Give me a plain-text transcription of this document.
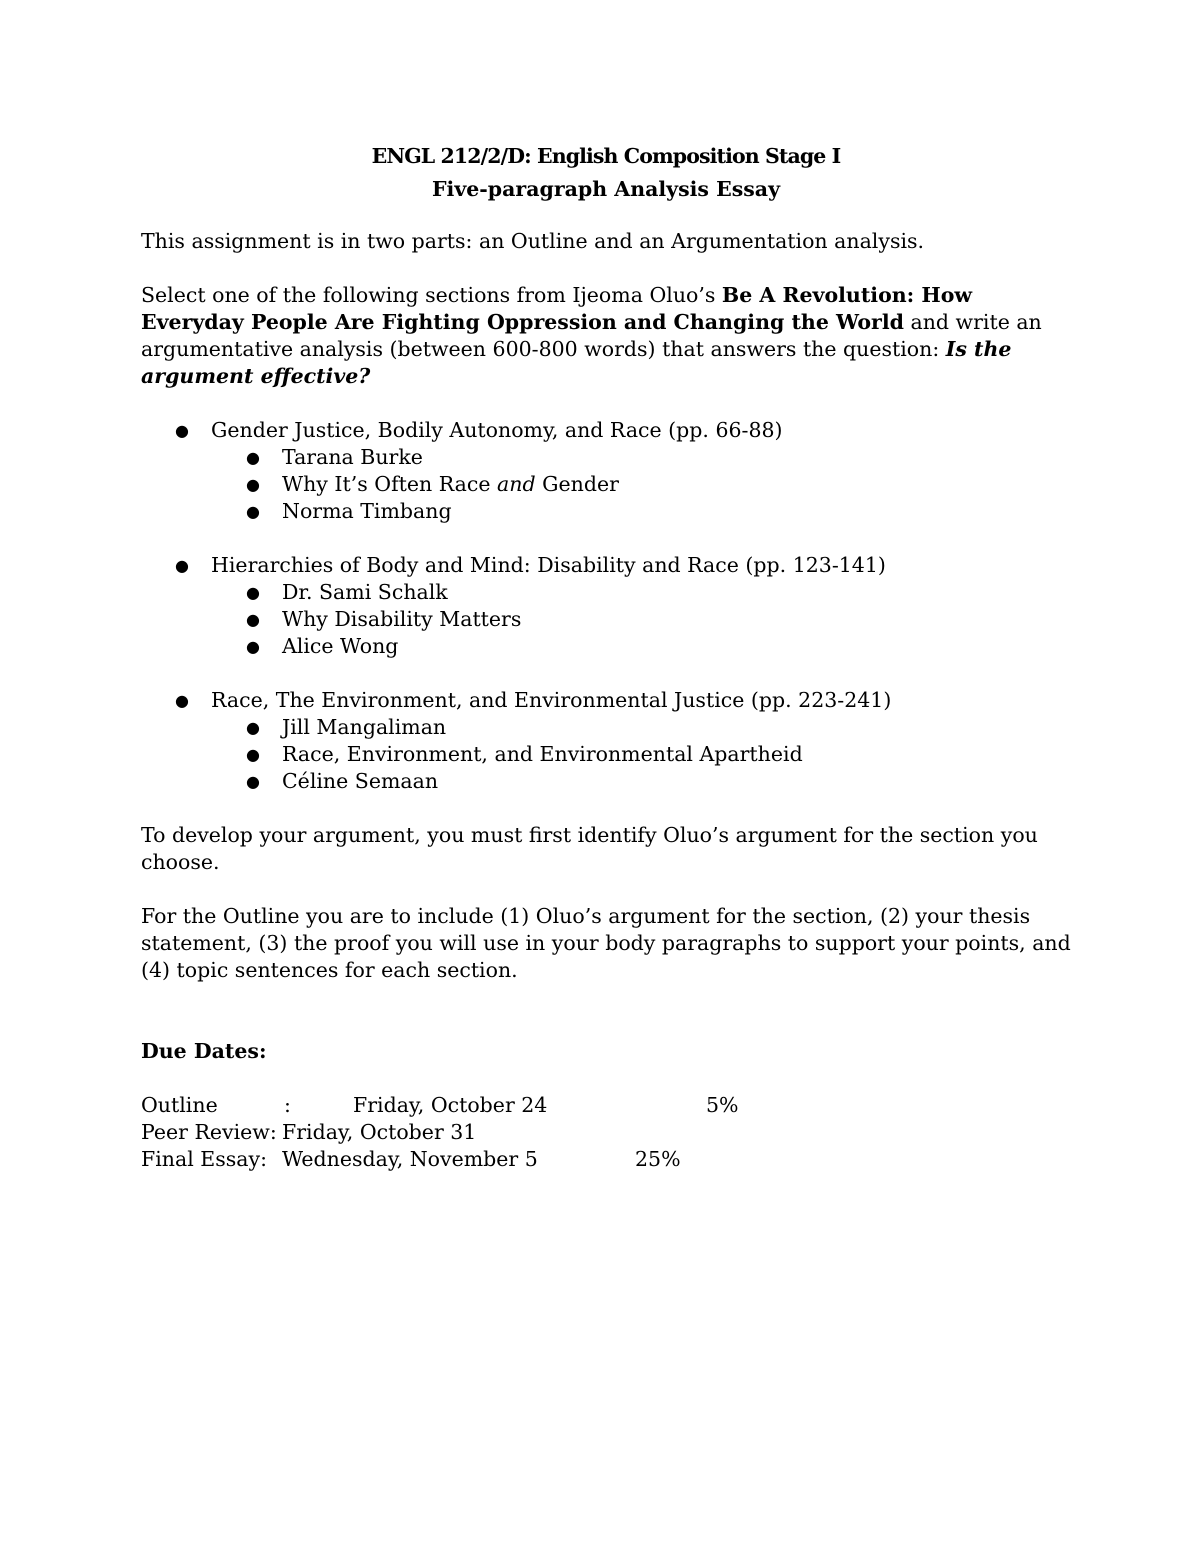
ENGL 212/2/D: English Composition Stage I
Five-paragraph Analysis Essay

This assignment is in two parts: an Outline and an Argumentation analysis.

Select one of the following sections from Ijeoma Oluo’s Be A Revolution: How Everyday People Are Fighting Oppression and Changing the World and write an argumentative analysis (between 600-800 words) that answers the question: Is the argument effective?

● Gender Justice, Bodily Autonomy, and Race (pp. 66-88)
● Tarana Burke
● Why It’s Often Race and Gender
● Norma Timbang
● Hierarchies of Body and Mind: Disability and Race (pp. 123-141)
● Dr. Sami Schalk
● Why Disability Matters
● Alice Wong
● Race, The Environment, and Environmental Justice (pp. 223-241)
● Jill Mangaliman
● Race, Environment, and Environmental Apartheid
● Céline Semaan

To develop your argument, you must first identify Oluo’s argument for the section you choose.

For the Outline you are to include (1) Oluo’s argument for the section, (2) your thesis statement, (3) the proof you will use in your body paragraphs to support your points, and (4) topic sentences for each section.

Due Dates:

Outline	:	Friday, October 24	5%
Peer Review: Friday, October 31
Final Essay: Wednesday, November 5	25%
